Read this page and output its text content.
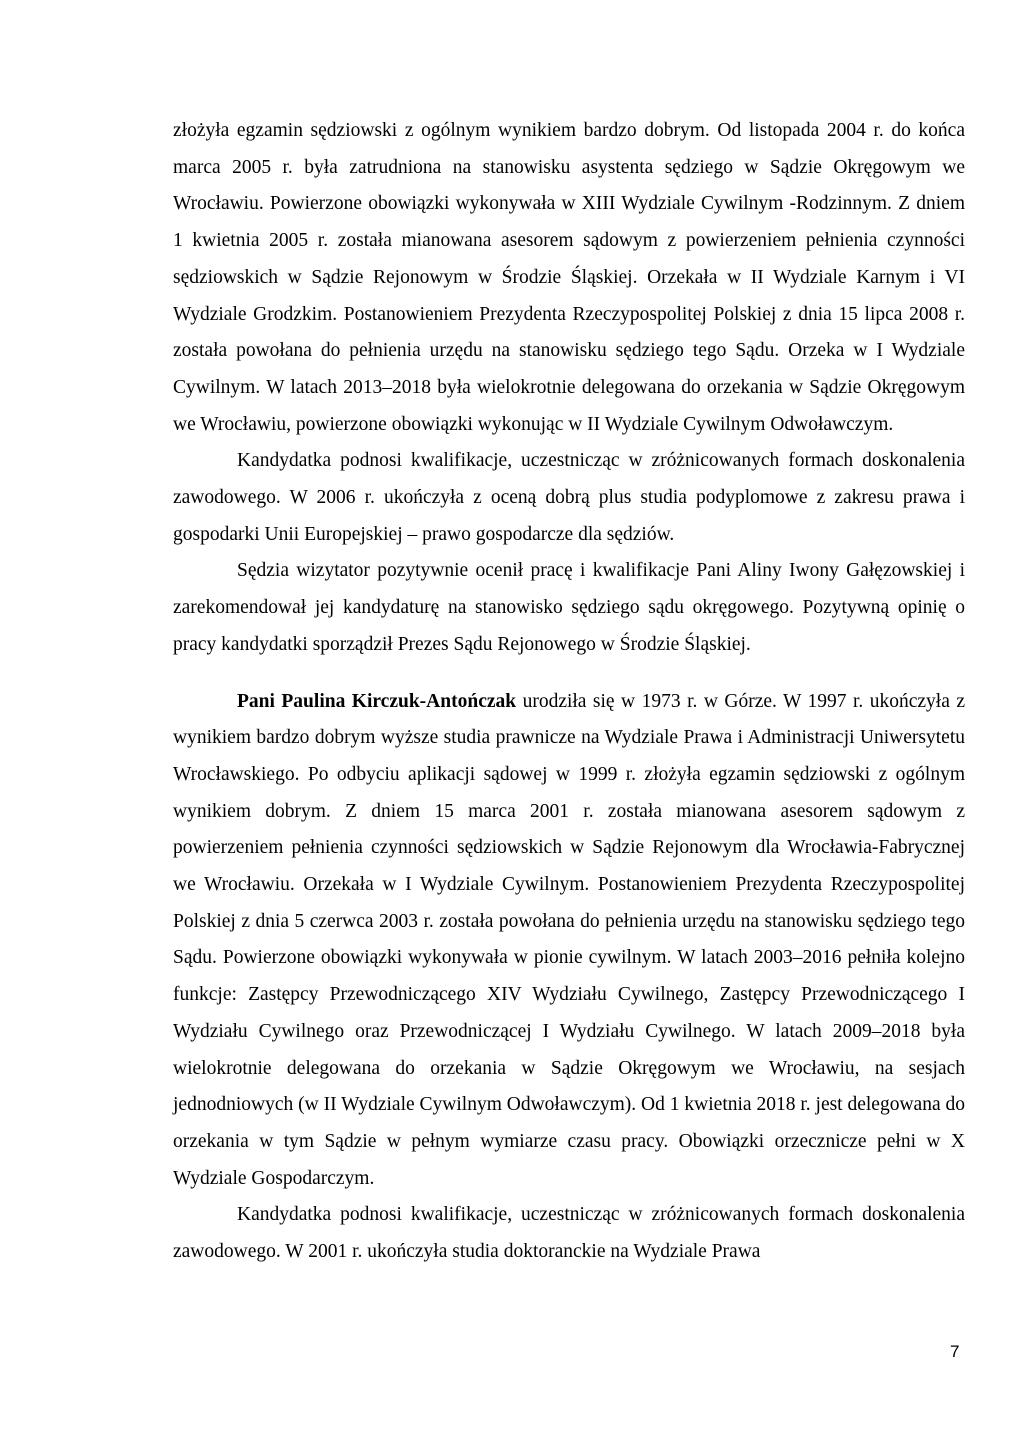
złożyła egzamin sędziowski z ogólnym wynikiem bardzo dobrym. Od listopada 2004 r. do końca marca 2005 r. była zatrudniona na stanowisku asystenta sędziego w Sądzie Okręgowym we Wrocławiu. Powierzone obowiązki wykonywała w XIII Wydziale Cywilnym -Rodzinnym. Z dniem 1 kwietnia 2005 r. została mianowana asesorem sądowym z powierzeniem pełnienia czynności sędziowskich w Sądzie Rejonowym w Środzie Śląskiej. Orzekała w II Wydziale Karnym i VI Wydziale Grodzkim. Postanowieniem Prezydenta Rzeczypospolitej Polskiej z dnia 15 lipca 2008 r. została powołana do pełnienia urzędu na stanowisku sędziego tego Sądu. Orzeka w I Wydziale Cywilnym. W latach 2013–2018 była wielokrotnie delegowana do orzekania w Sądzie Okręgowym we Wrocławiu, powierzone obowiązki wykonując w II Wydziale Cywilnym Odwoławczym.

Kandydatka podnosi kwalifikacje, uczestnicząc w zróżnicowanych formach doskonalenia zawodowego. W 2006 r. ukończyła z oceną dobrą plus studia podyplomowe z zakresu prawa i gospodarki Unii Europejskiej – prawo gospodarcze dla sędziów.

Sędzia wizytator pozytywnie ocenił pracę i kwalifikacje Pani Aliny Iwony Gałęzowskiej i zarekomendował jej kandydaturę na stanowisko sędziego sądu okręgowego. Pozytywną opinię o pracy kandydatki sporządził Prezes Sądu Rejonowego w Środzie Śląskiej.

Pani Paulina Kirczuk-Antończak urodziła się w 1973 r. w Górze. W 1997 r. ukończyła z wynikiem bardzo dobrym wyższe studia prawnicze na Wydziale Prawa i Administracji Uniwersytetu Wrocławskiego. Po odbyciu aplikacji sądowej w 1999 r. złożyła egzamin sędziowski z ogólnym wynikiem dobrym. Z dniem 15 marca 2001 r. została mianowana asesorem sądowym z powierzeniem pełnienia czynności sędziowskich w Sądzie Rejonowym dla Wrocławia-Fabrycznej we Wrocławiu. Orzekała w I Wydziale Cywilnym. Postanowieniem Prezydenta Rzeczypospolitej Polskiej z dnia 5 czerwca 2003 r. została powołana do pełnienia urzędu na stanowisku sędziego tego Sądu. Powierzone obowiązki wykonywała w pionie cywilnym. W latach 2003–2016 pełniła kolejno funkcje: Zastępcy Przewodniczącego XIV Wydziału Cywilnego, Zastępcy Przewodniczącego I Wydziału Cywilnego oraz Przewodniczącej I Wydziału Cywilnego. W latach 2009–2018 była wielokrotnie delegowana do orzekania w Sądzie Okręgowym we Wrocławiu, na sesjach jednodniowych (w II Wydziale Cywilnym Odwoławczym). Od 1 kwietnia 2018 r. jest delegowana do orzekania w tym Sądzie w pełnym wymiarze czasu pracy. Obowiązki orzecznicze pełni w X Wydziale Gospodarczym.

Kandydatka podnosi kwalifikacje, uczestnicząc w zróżnicowanych formach doskonalenia zawodowego. W 2001 r. ukończyła studia doktoranckie na Wydziale Prawa

7
